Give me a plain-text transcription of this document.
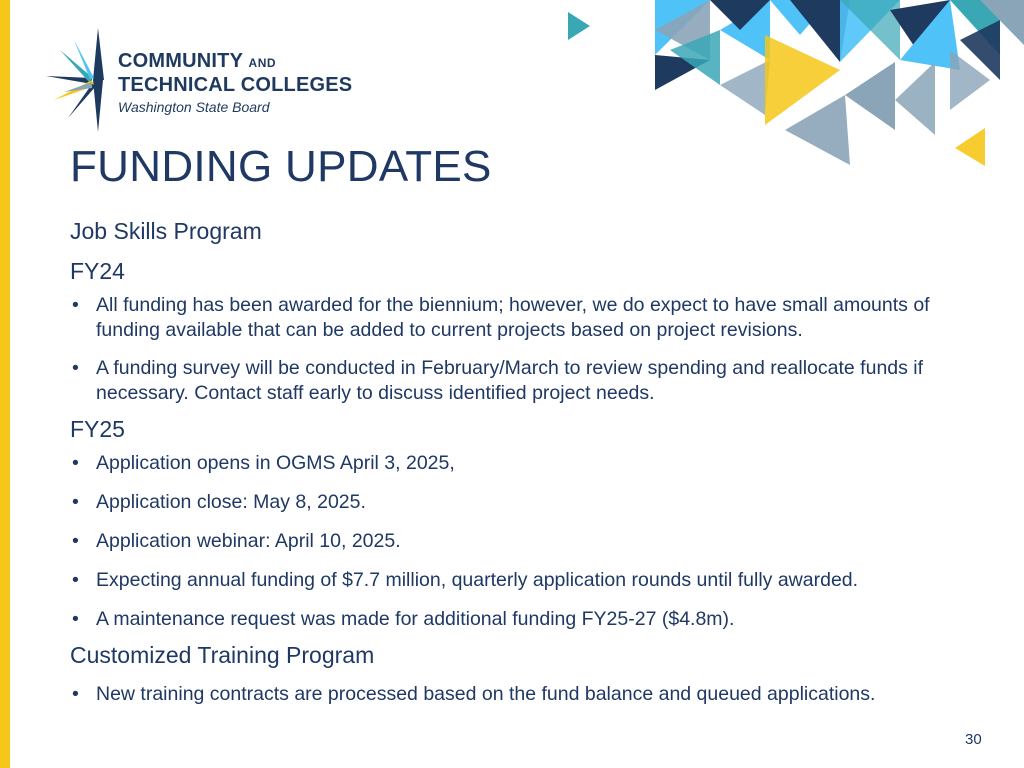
COMMUNITY AND
TECHNICAL COLLEGES
Washington State Board
FUNDING UPDATES
Job Skills Program
FY24
• All funding has been awarded for the biennium; however, we do expect to have small amounts of funding available that can be added to current projects based on project revisions.
• A funding survey will be conducted in February/March to review spending and reallocate funds if necessary. Contact staff early to discuss identified project needs.
FY25
• Application opens in OGMS April 3, 2025,
• Application close: May 8, 2025.
• Application webinar: April 10, 2025.
• Expecting annual funding of $7.7 million, quarterly application rounds until fully awarded.
• A maintenance request was made for additional funding FY25-27 ($4.8m).
Customized Training Program
• New training contracts are processed based on the fund balance and queued applications.
30
